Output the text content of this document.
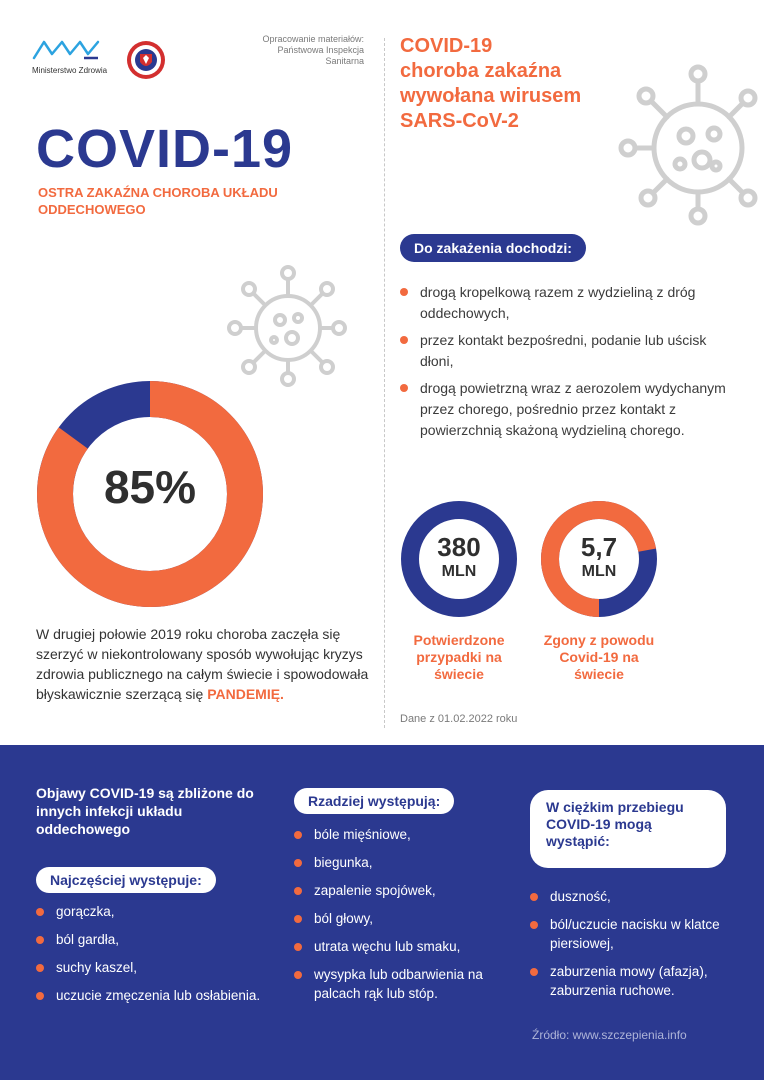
Ministerstwo Zdrowia
Opracowanie materiałów:
Państwowa Inspekcja
Sanitarna
COVID-19
OSTRA ZAKAŹNA CHOROBA UKŁADU ODDECHOWEGO
COVID-19
choroba zakaźna
wywołana wirusem
SARS-CoV-2
Do zakażenia dochodzi:
drogą kropelkową razem z wydzieliną z dróg oddechowych,
przez kontakt bezpośredni, podanie lub uścisk dłoni,
drogą powietrzną wraz z aerozolem wydychanym przez chorego, pośrednio przez kontakt z powierzchnią skażoną wydzieliną chorego.
85%
W drugiej połowie 2019 roku choroba zaczęła się szerzyć w niekontrolowany sposób wywołując kryzys zdrowia publicznego na całym świecie i spowodowała błyskawicznie szerzącą się PANDEMIĘ.
380
MLN
5,7
MLN
Potwierdzone przypadki na świecie
Zgony z powodu Covid-19 na świecie
Dane z 01.02.2022 roku
Objawy COVID-19 są zbliżone do innych infekcji układu oddechowego
Najczęściej występuje:
gorączka,
ból gardła,
suchy kaszel,
uczucie zmęczenia lub osłabienia.
Rzadziej występują:
bóle mięśniowe,
biegunka,
zapalenie spojówek,
ból głowy,
utrata węchu lub smaku,
wysypka lub odbarwienia na palcach rąk lub stóp.
W ciężkim przebiegu COVID-19 mogą wystąpić:
duszność,
ból/uczucie nacisku w klatce piersiowej,
zaburzenia mowy (afazja), zaburzenia ruchowe.
Źródło: www.szczepienia.info
